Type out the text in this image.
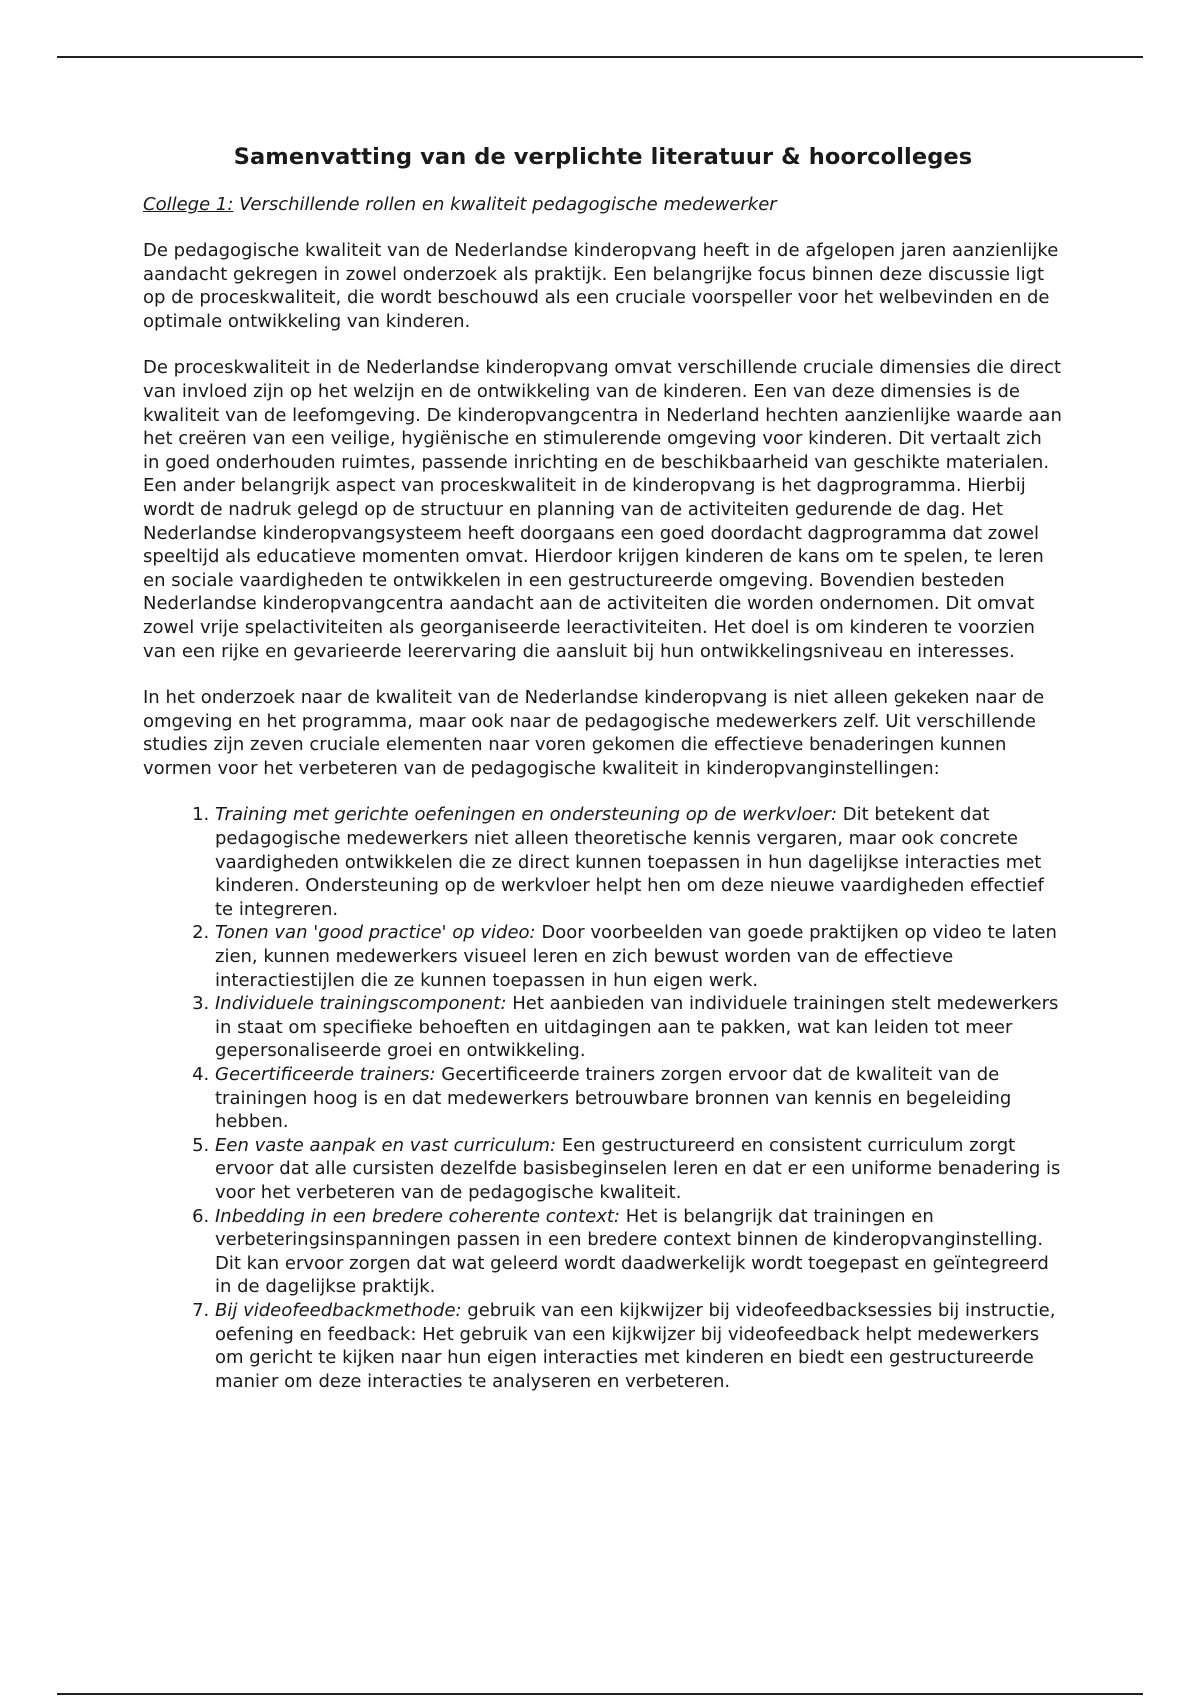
Samenvatting van de verplichte literatuur & hoorcolleges
College 1: Verschillende rollen en kwaliteit pedagogische medewerker

De pedagogische kwaliteit van de Nederlandse kinderopvang heeft in de afgelopen jaren aanzienlijke aandacht gekregen in zowel onderzoek als praktijk. Een belangrijke focus binnen deze discussie ligt op de proceskwaliteit, die wordt beschouwd als een cruciale voorspeller voor het welbevinden en de optimale ontwikkeling van kinderen.

De proceskwaliteit in de Nederlandse kinderopvang omvat verschillende cruciale dimensies die direct van invloed zijn op het welzijn en de ontwikkeling van de kinderen. Een van deze dimensies is de kwaliteit van de leefomgeving. De kinderopvangcentra in Nederland hechten aanzienlijke waarde aan het creëren van een veilige, hygiënische en stimulerende omgeving voor kinderen. Dit vertaalt zich in goed onderhouden ruimtes, passende inrichting en de beschikbaarheid van geschikte materialen. Een ander belangrijk aspect van proceskwaliteit in de kinderopvang is het dagprogramma. Hierbij wordt de nadruk gelegd op de structuur en planning van de activiteiten gedurende de dag. Het Nederlandse kinderopvangsysteem heeft doorgaans een goed doordacht dagprogramma dat zowel speeltijd als educatieve momenten omvat. Hierdoor krijgen kinderen de kans om te spelen, te leren en sociale vaardigheden te ontwikkelen in een gestructureerde omgeving. Bovendien besteden Nederlandse kinderopvangcentra aandacht aan de activiteiten die worden ondernomen. Dit omvat zowel vrije spelactiviteiten als georganiseerde leeractiviteiten. Het doel is om kinderen te voorzien van een rijke en gevarieerde leerervaring die aansluit bij hun ontwikkelingsniveau en interesses.

In het onderzoek naar de kwaliteit van de Nederlandse kinderopvang is niet alleen gekeken naar de omgeving en het programma, maar ook naar de pedagogische medewerkers zelf. Uit verschillende studies zijn zeven cruciale elementen naar voren gekomen die effectieve benaderingen kunnen vormen voor het verbeteren van de pedagogische kwaliteit in kinderopvanginstellingen:

1. Training met gerichte oefeningen en ondersteuning op de werkvloer: Dit betekent dat pedagogische medewerkers niet alleen theoretische kennis vergaren, maar ook concrete vaardigheden ontwikkelen die ze direct kunnen toepassen in hun dagelijkse interacties met kinderen. Ondersteuning op de werkvloer helpt hen om deze nieuwe vaardigheden effectief te integreren.
2. Tonen van 'good practice' op video: Door voorbeelden van goede praktijken op video te laten zien, kunnen medewerkers visueel leren en zich bewust worden van de effectieve interactiestijlen die ze kunnen toepassen in hun eigen werk.
3. Individuele trainingscomponent: Het aanbieden van individuele trainingen stelt medewerkers in staat om specifieke behoeften en uitdagingen aan te pakken, wat kan leiden tot meer gepersonaliseerde groei en ontwikkeling.
4. Gecertificeerde trainers: Gecertificeerde trainers zorgen ervoor dat de kwaliteit van de trainingen hoog is en dat medewerkers betrouwbare bronnen van kennis en begeleiding hebben.
5. Een vaste aanpak en vast curriculum: Een gestructureerd en consistent curriculum zorgt ervoor dat alle cursisten dezelfde basisbeginselen leren en dat er een uniforme benadering is voor het verbeteren van de pedagogische kwaliteit.
6. Inbedding in een bredere coherente context: Het is belangrijk dat trainingen en verbeteringsinspanningen passen in een bredere context binnen de kinderopvanginstelling. Dit kan ervoor zorgen dat wat geleerd wordt daadwerkelijk wordt toegepast en geïntegreerd in de dagelijkse praktijk.
7. Bij videofeedbackmethode: gebruik van een kijkwijzer bij videofeedbacksessies bij instructie, oefening en feedback: Het gebruik van een kijkwijzer bij videofeedback helpt medewerkers om gericht te kijken naar hun eigen interacties met kinderen en biedt een gestructureerde manier om deze interacties te analyseren en verbeteren.
